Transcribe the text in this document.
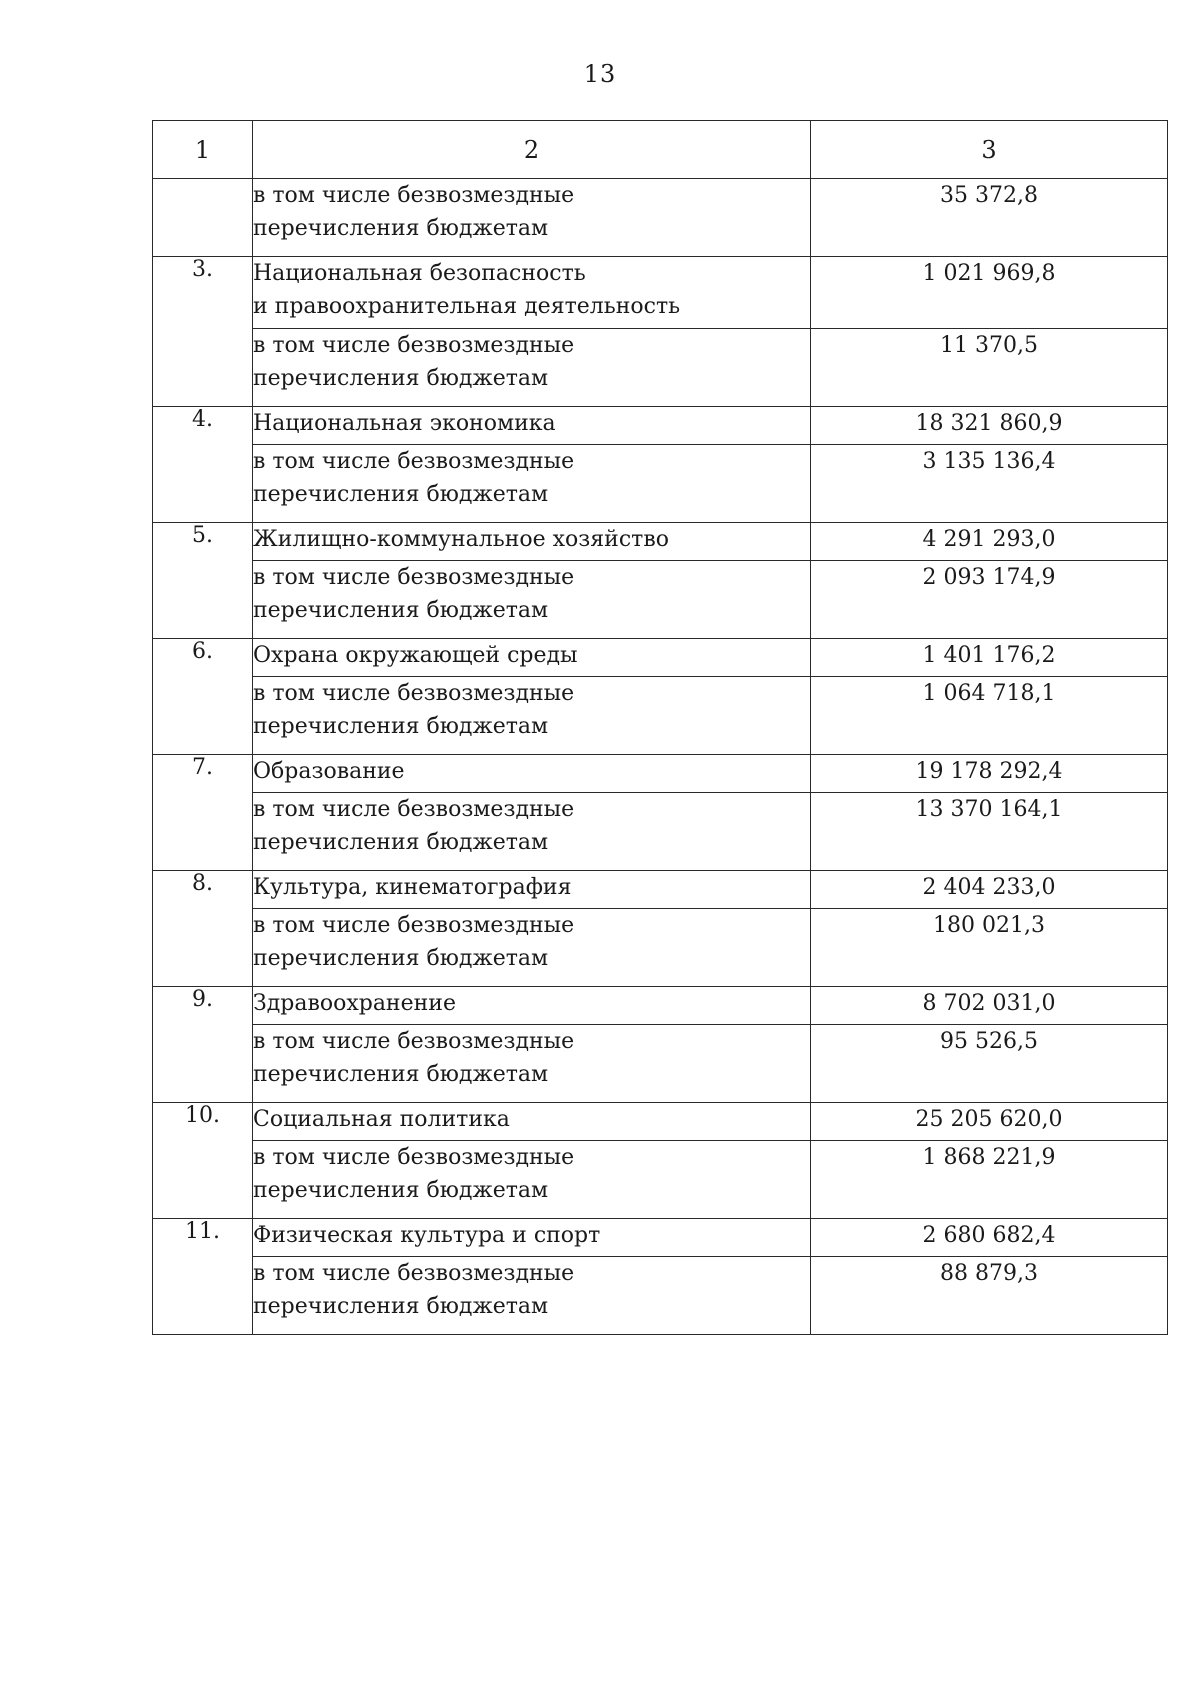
13
1	2	3

	в том числе безвозмездные
перечисления бюджетам	35 372,8
3.	Национальная безопасность
и правоохранительная деятельность	1 021 969,8

	в том числе безвозмездные
перечисления бюджетам	11 370,5
4.	Национальная экономика	18 321 860,9

	в том числе безвозмездные
перечисления бюджетам	3 135 136,4
5.	Жилищно-коммунальное хозяйство	4 291 293,0

	в том числе безвозмездные
перечисления бюджетам	2 093 174,9
6.	Охрана окружающей среды	1 401 176,2

	в том числе безвозмездные
перечисления бюджетам	1 064 718,1
7.	Образование	19 178 292,4

	в том числе безвозмездные
перечисления бюджетам	13 370 164,1
8.	Культура, кинематография	2 404 233,0

	в том числе безвозмездные
перечисления бюджетам	180 021,3
9.	Здравоохранение	8 702 031,0

	в том числе безвозмездные
перечисления бюджетам	95 526,5
10.	Социальная политика	25 205 620,0

	в том числе безвозмездные
перечисления бюджетам	1 868 221,9
11.	Физическая культура и спорт	2 680 682,4

	в том числе безвозмездные
перечисления бюджетам	88 879,3
